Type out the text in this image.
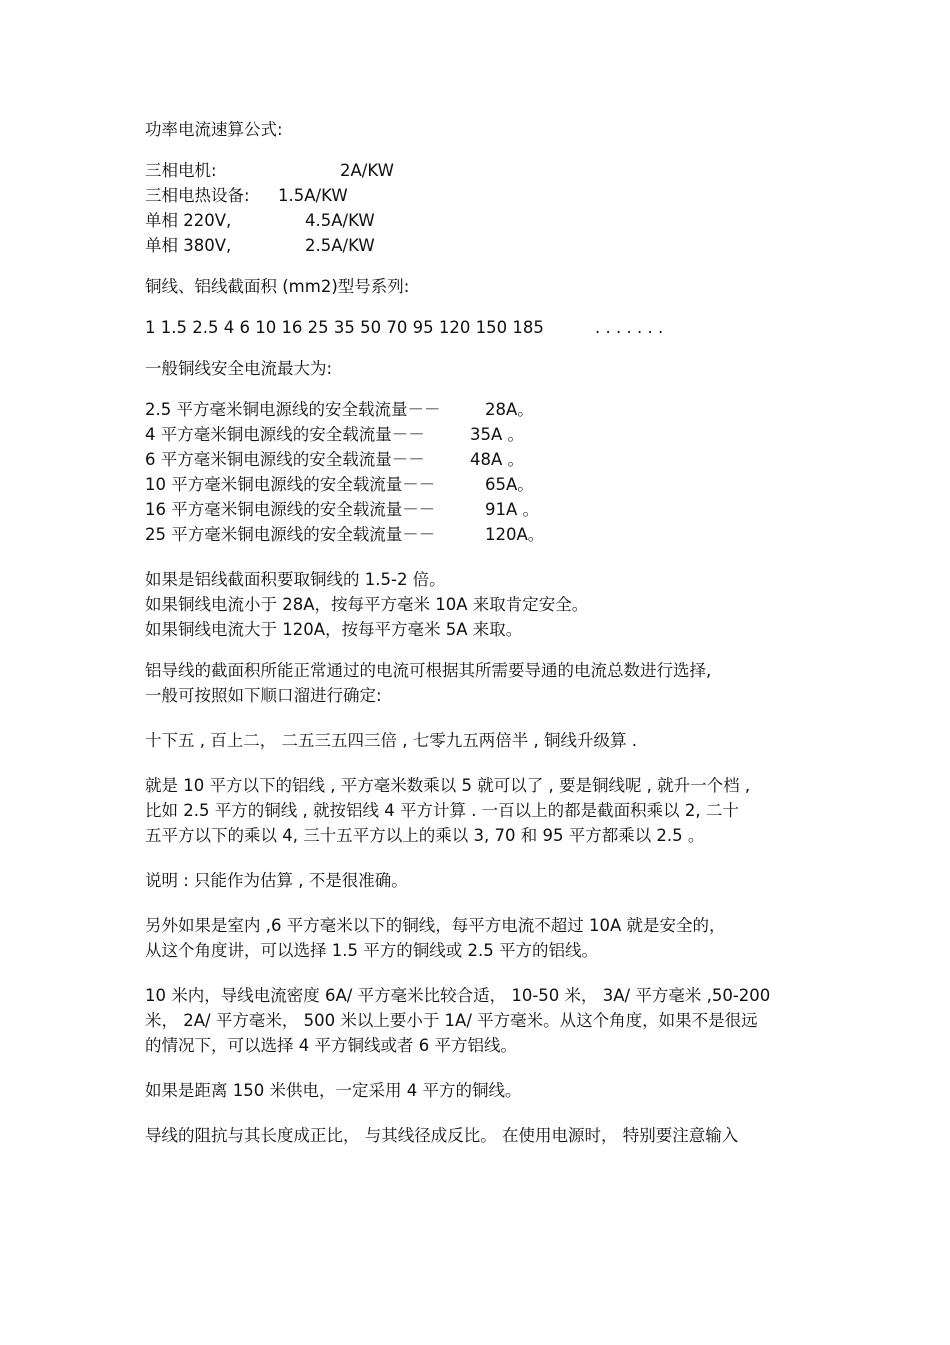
功率电流速算公式:
三相电机:	2A/KW
三相电热设备:	1.5A/KW
单相 220V,	4.5A/KW
单相 380V,	2.5A/KW
铜线、铝线截面积 (mm2)型号系列:
1 1.5 2.5 4 6 10 16 25 35 50 70 95 120 150 185	. . . . . . .
一般铜线安全电流最大为:
2.5 平方毫米铜电源线的安全载流量－－	28A。
4 平方毫米铜电源线的安全载流量－－	35A 。
6 平方毫米铜电源线的安全载流量－－	48A 。
10 平方毫米铜电源线的安全载流量－－	65A。
16 平方毫米铜电源线的安全载流量－－	91A 。
25 平方毫米铜电源线的安全载流量－－	120A。
如果是铝线截面积要取铜线的 1.5-2 倍。
如果铜线电流小于 28A，按每平方毫米 10A 来取肯定安全。
如果铜线电流大于 120A，按每平方毫米 5A 来取。
铝导线的截面积所能正常通过的电流可根据其所需要导通的电流总数进行选择,
一般可按照如下顺口溜进行确定:
十下五 , 百上二， 二五三五四三倍 , 七零九五两倍半 , 铜线升级算 .
就是 10 平方以下的铝线 , 平方毫米数乘以 5 就可以了 , 要是铜线呢 , 就升一个档 ,
比如 2.5 平方的铜线 , 就按铝线 4 平方计算 . 一百以上的都是截面积乘以 2, 二十
五平方以下的乘以 4, 三十五平方以上的乘以 3, 70 和 95 平方都乘以 2.5 。
说明 : 只能作为估算 , 不是很准确。
另外如果是室内 ,6 平方毫米以下的铜线，每平方电流不超过 10A 就是安全的，
从这个角度讲，可以选择 1.5 平方的铜线或 2.5 平方的铝线。
10 米内，导线电流密度 6A/ 平方毫米比较合适， 10-50 米， 3A/ 平方毫米 ,50-200
米， 2A/ 平方毫米， 500 米以上要小于 1A/ 平方毫米。从这个角度，如果不是很远
的情况下，可以选择 4 平方铜线或者 6 平方铝线。
如果是距离 150 米供电，一定采用 4 平方的铜线。
导线的阻抗与其长度成正比， 与其线径成反比。 在使用电源时， 特别要注意输入
